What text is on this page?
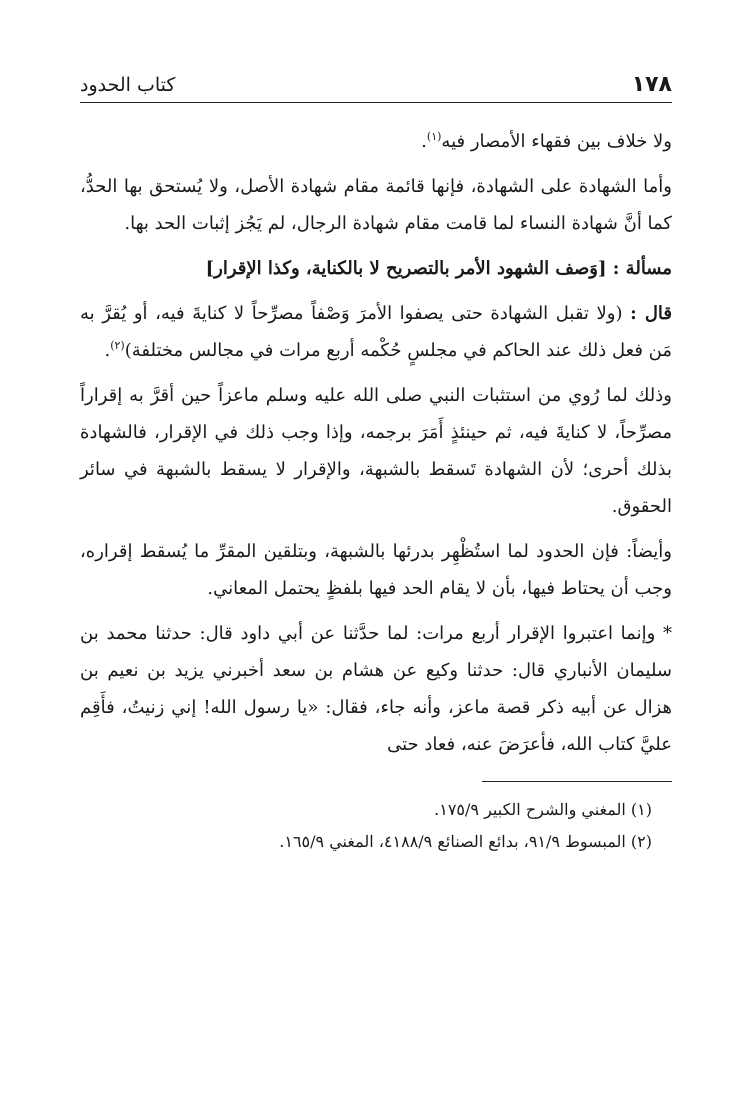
١٧٨
كتاب الحدود

ولا خلاف بين فقهاء الأمصار فيه$^{(١)}$.

وأما الشهادة على الشهادة، فإنها قائمة مقام شهادة الأصل، ولا يُستحق بها الحدُّ، كما أنَّ شهادة النساء لما قامت مقام شهادة الرجال، لم يَجُز إثبات الحد بها.

مسألة : [وَصف الشهود الأمر بالتصريح لا بالكناية، وكذا الإقرار]

قال : (ولا تقبل الشهادة حتى يصفوا الأمرَ وَصْفاً مصرِّحاً لا كنايةَ فيه، أو يُقرَّ به مَن فعل ذلك عند الحاكم في مجلسٍ حُكْمه أربع مرات في مجالس مختلفة)$^{(٢)}$.

وذلك لما رُوي من استثبات النبي صلى الله عليه وسلم ماعزاً حين أقرَّ به إقراراً مصرِّحاً، لا كنايةَ فيه، ثم حينئذٍ أَمَرَ برجمه، وإذا وجب ذلك في الإقرار، فالشهادة بذلك أحرى؛ لأن الشهادة تَسقط بالشبهة، والإقرار لا يسقط بالشبهة في سائر الحقوق.

وأيضاً: فإن الحدود لما استُظْهِر بدرئها بالشبهة، وبتلقين المقرِّ ما يُسقط إقراره، وجب أن يحتاط فيها، بأن لا يقام الحد فيها بلفظٍ يحتمل المعاني.

* وإنما اعتبروا الإقرار أربع مرات: لما حدَّثنا عن أبي داود قال: حدثنا محمد بن سليمان الأنباري قال: حدثنا وكيع عن هشام بن سعد أخبرني يزيد بن نعيم بن هزال عن أبيه ذكر قصة ماعز، وأنه جاء، فقال: «يا رسول الله! إني زنيتُ، فأَقِم عليَّ كتاب الله، فأعرَضَ عنه، فعاد حتى

(١) المغني والشرح الكبير ١٧٥/٩.
(٢) المبسوط ٩١/٩، بدائع الصنائع ٤١٨٨/٩، المغني ١٦٥/٩.
